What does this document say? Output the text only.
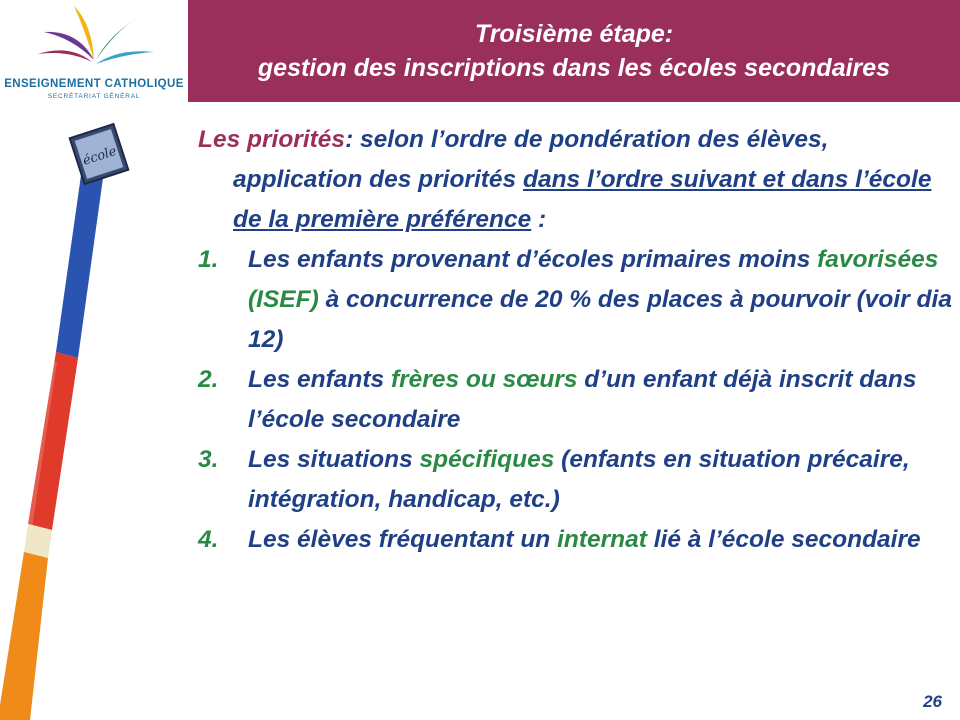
ENSEIGNEMENT CATHOLIQUE
SECRÉTARIAT GÉNÉRAL
Troisième étape:
gestion des inscriptions dans les écoles secondaires
école
Les priorités: selon l’ordre de pondération des élèves, application des priorités dans l’ordre suivant et dans l’école de la première préférence :
1. Les enfants provenant d’écoles primaires moins favorisées (ISEF) à concurrence de 20 % des places à pourvoir (voir dia 12)
2. Les enfants frères ou sœurs d’un enfant déjà inscrit dans l’école secondaire
3. Les situations spécifiques (enfants en situation précaire, intégration, handicap, etc.)
4. Les élèves fréquentant un internat lié à l’école secondaire
26
